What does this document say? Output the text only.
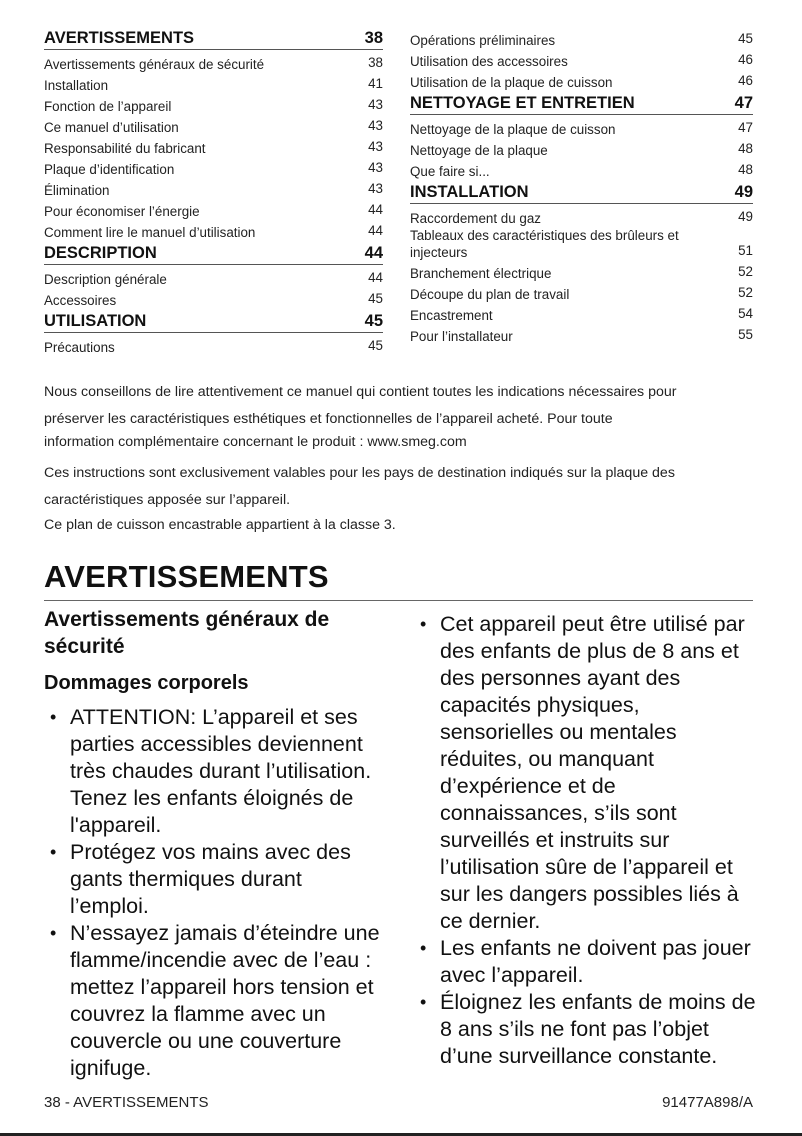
AVERTISSEMENTS	38
Avertissements généraux de sécurité	38
Installation	41
Fonction de l’appareil	43
Ce manuel d’utilisation	43
Responsabilité du fabricant	43
Plaque d’identification	43
Élimination	43
Pour économiser l’énergie	44
Comment lire le manuel d’utilisation	44
DESCRIPTION	44
Description générale	44
Accessoires	45
UTILISATION	45
Précautions	45
Opérations préliminaires	45
Utilisation des accessoires	46
Utilisation de la plaque de cuisson	46
NETTOYAGE ET ENTRETIEN	47
Nettoyage de la plaque de cuisson	47
Nettoyage de la plaque	48
Que faire si...	48
INSTALLATION	49
Raccordement du gaz	49
Tableaux des caractéristiques des brûleurs et injecteurs	51
Branchement électrique	52
Découpe du plan de travail	52
Encastrement	54
Pour l’installateur	55
Nous conseillons de lire attentivement ce manuel qui contient toutes les indications nécessaires pour
préserver les caractéristiques esthétiques et fonctionnelles de l’appareil acheté. Pour toute
information complémentaire concernant le produit : www.smeg.com

Ces instructions sont exclusivement valables pour les pays de destination indiqués sur la plaque des caractéristiques apposée sur l’appareil.

Ce plan de cuisson encastrable appartient à la classe 3.

AVERTISSEMENTS
Avertissements généraux de sécurité
Dommages corporels
• ATTENTION: L’appareil et ses parties accessibles deviennent très chaudes durant l’utilisation. Tenez les enfants éloignés de l'appareil.
• Protégez vos mains avec des gants thermiques durant l’emploi.
• N’essayez jamais d’éteindre une flamme/incendie avec de l’eau : mettez l’appareil hors tension et couvrez la flamme avec un couvercle ou une couverture ignifuge.
• Cet appareil peut être utilisé par des enfants de plus de 8 ans et des personnes ayant des capacités physiques, sensorielles ou mentales réduites, ou manquant d’expérience et de connaissances, s’ils sont surveillés et instruits sur l’utilisation sûre de l’appareil et sur les dangers possibles liés à ce dernier.
• Les enfants ne doivent pas jouer avec l’appareil.
• Éloignez les enfants de moins de 8 ans s’ils ne font pas l’objet d’une surveillance constante.
38 - AVERTISSEMENTS	91477A898/A
